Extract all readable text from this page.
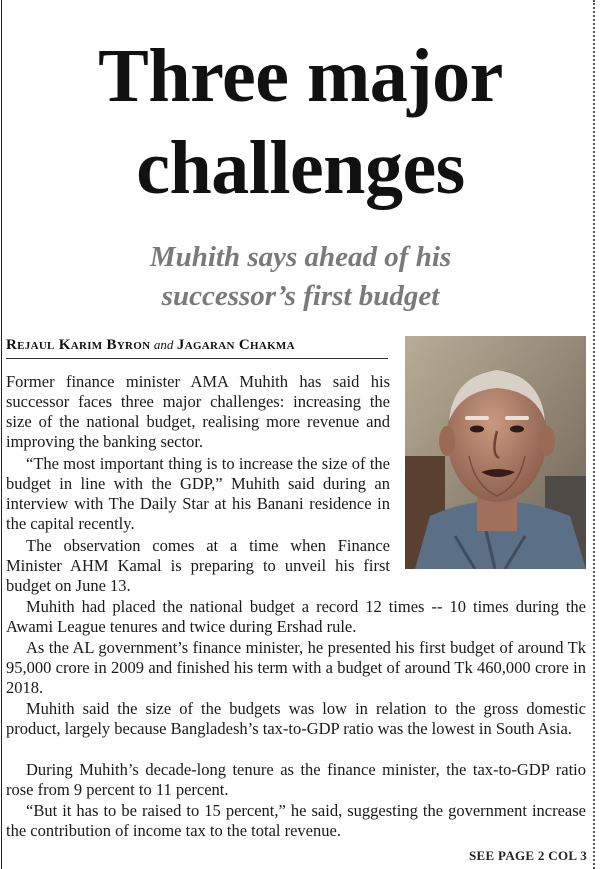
Three major
challenges
Muhith says ahead of his
successor’s first budget
Rejaul Karim Byron and Jagaran Chakma

Former finance minister AMA Muhith has said his successor faces three major challenges: increasing the size of the national budget, realising more revenue and improving the banking sector.

“The most important thing is to increase the size of the budget in line with the GDP,” Muhith said during an interview with The Daily Star at his Banani residence in the capital recently.

The observation comes at a time when Finance Minister AHM Kamal is preparing to unveil his first budget on June 13.

Muhith had placed the national budget a record 12 times -- 10 times during the Awami League tenures and twice during Ershad rule.

As the AL government’s finance minister, he presented his first budget of around Tk 95,000 crore in 2009 and finished his term with a budget of around Tk 460,000 crore in 2018.

Muhith said the size of the budgets was low in relation to the gross domestic product, largely because Bangladesh’s tax-to-GDP ratio was the lowest in South Asia.

During Muhith’s decade-long tenure as the finance minister, the tax-to-GDP ratio rose from 9 percent to 11 percent.

“But it has to be raised to 15 percent,” he said, suggesting the government increase the contribution of income tax to the total revenue.

SEE PAGE 2 COL 3
